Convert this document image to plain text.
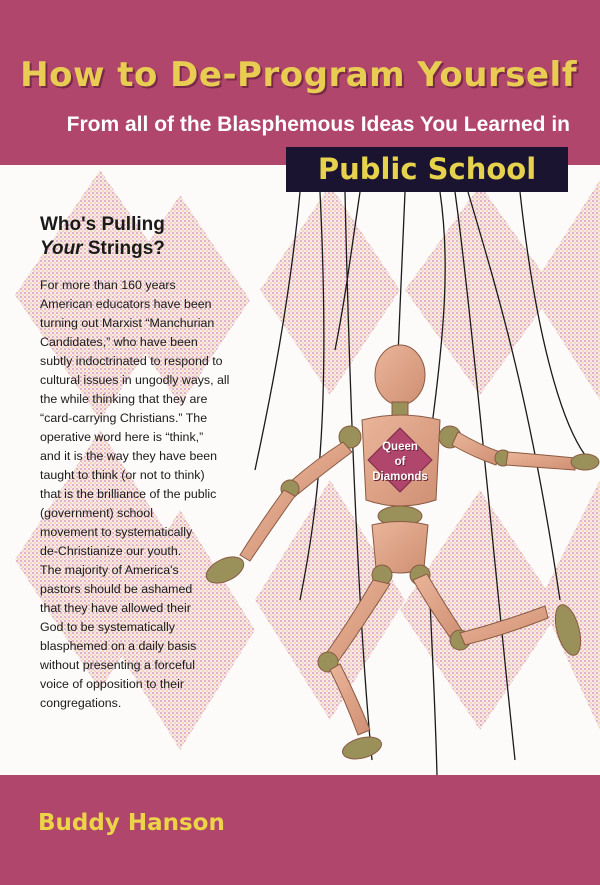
How to De-Program Yourself

From all of the Blasphemous Ideas You Learned in

Public School
Who's Pulling
Your Strings?
For more than 160 years
American educators have been
turning out Marxist “Manchurian
Candidates,” who have been
subtly indoctrinated to respond to
cultural issues in ungodly ways, all
the while thinking that they are
“card-carrying Christians.” The
operative word here is “think,”
and it is the way they have been
taught to think (or not to think)
that is the brilliance of the public
(government) school
movement to systematically
de-Christianize our youth.
The majority of America's
pastors should be ashamed
that they have allowed their
God to be systematically
blasphemed on a daily basis
without presenting a forceful
voice of opposition to their
congregations.
Queen
of
Diamonds

Buddy Hanson
